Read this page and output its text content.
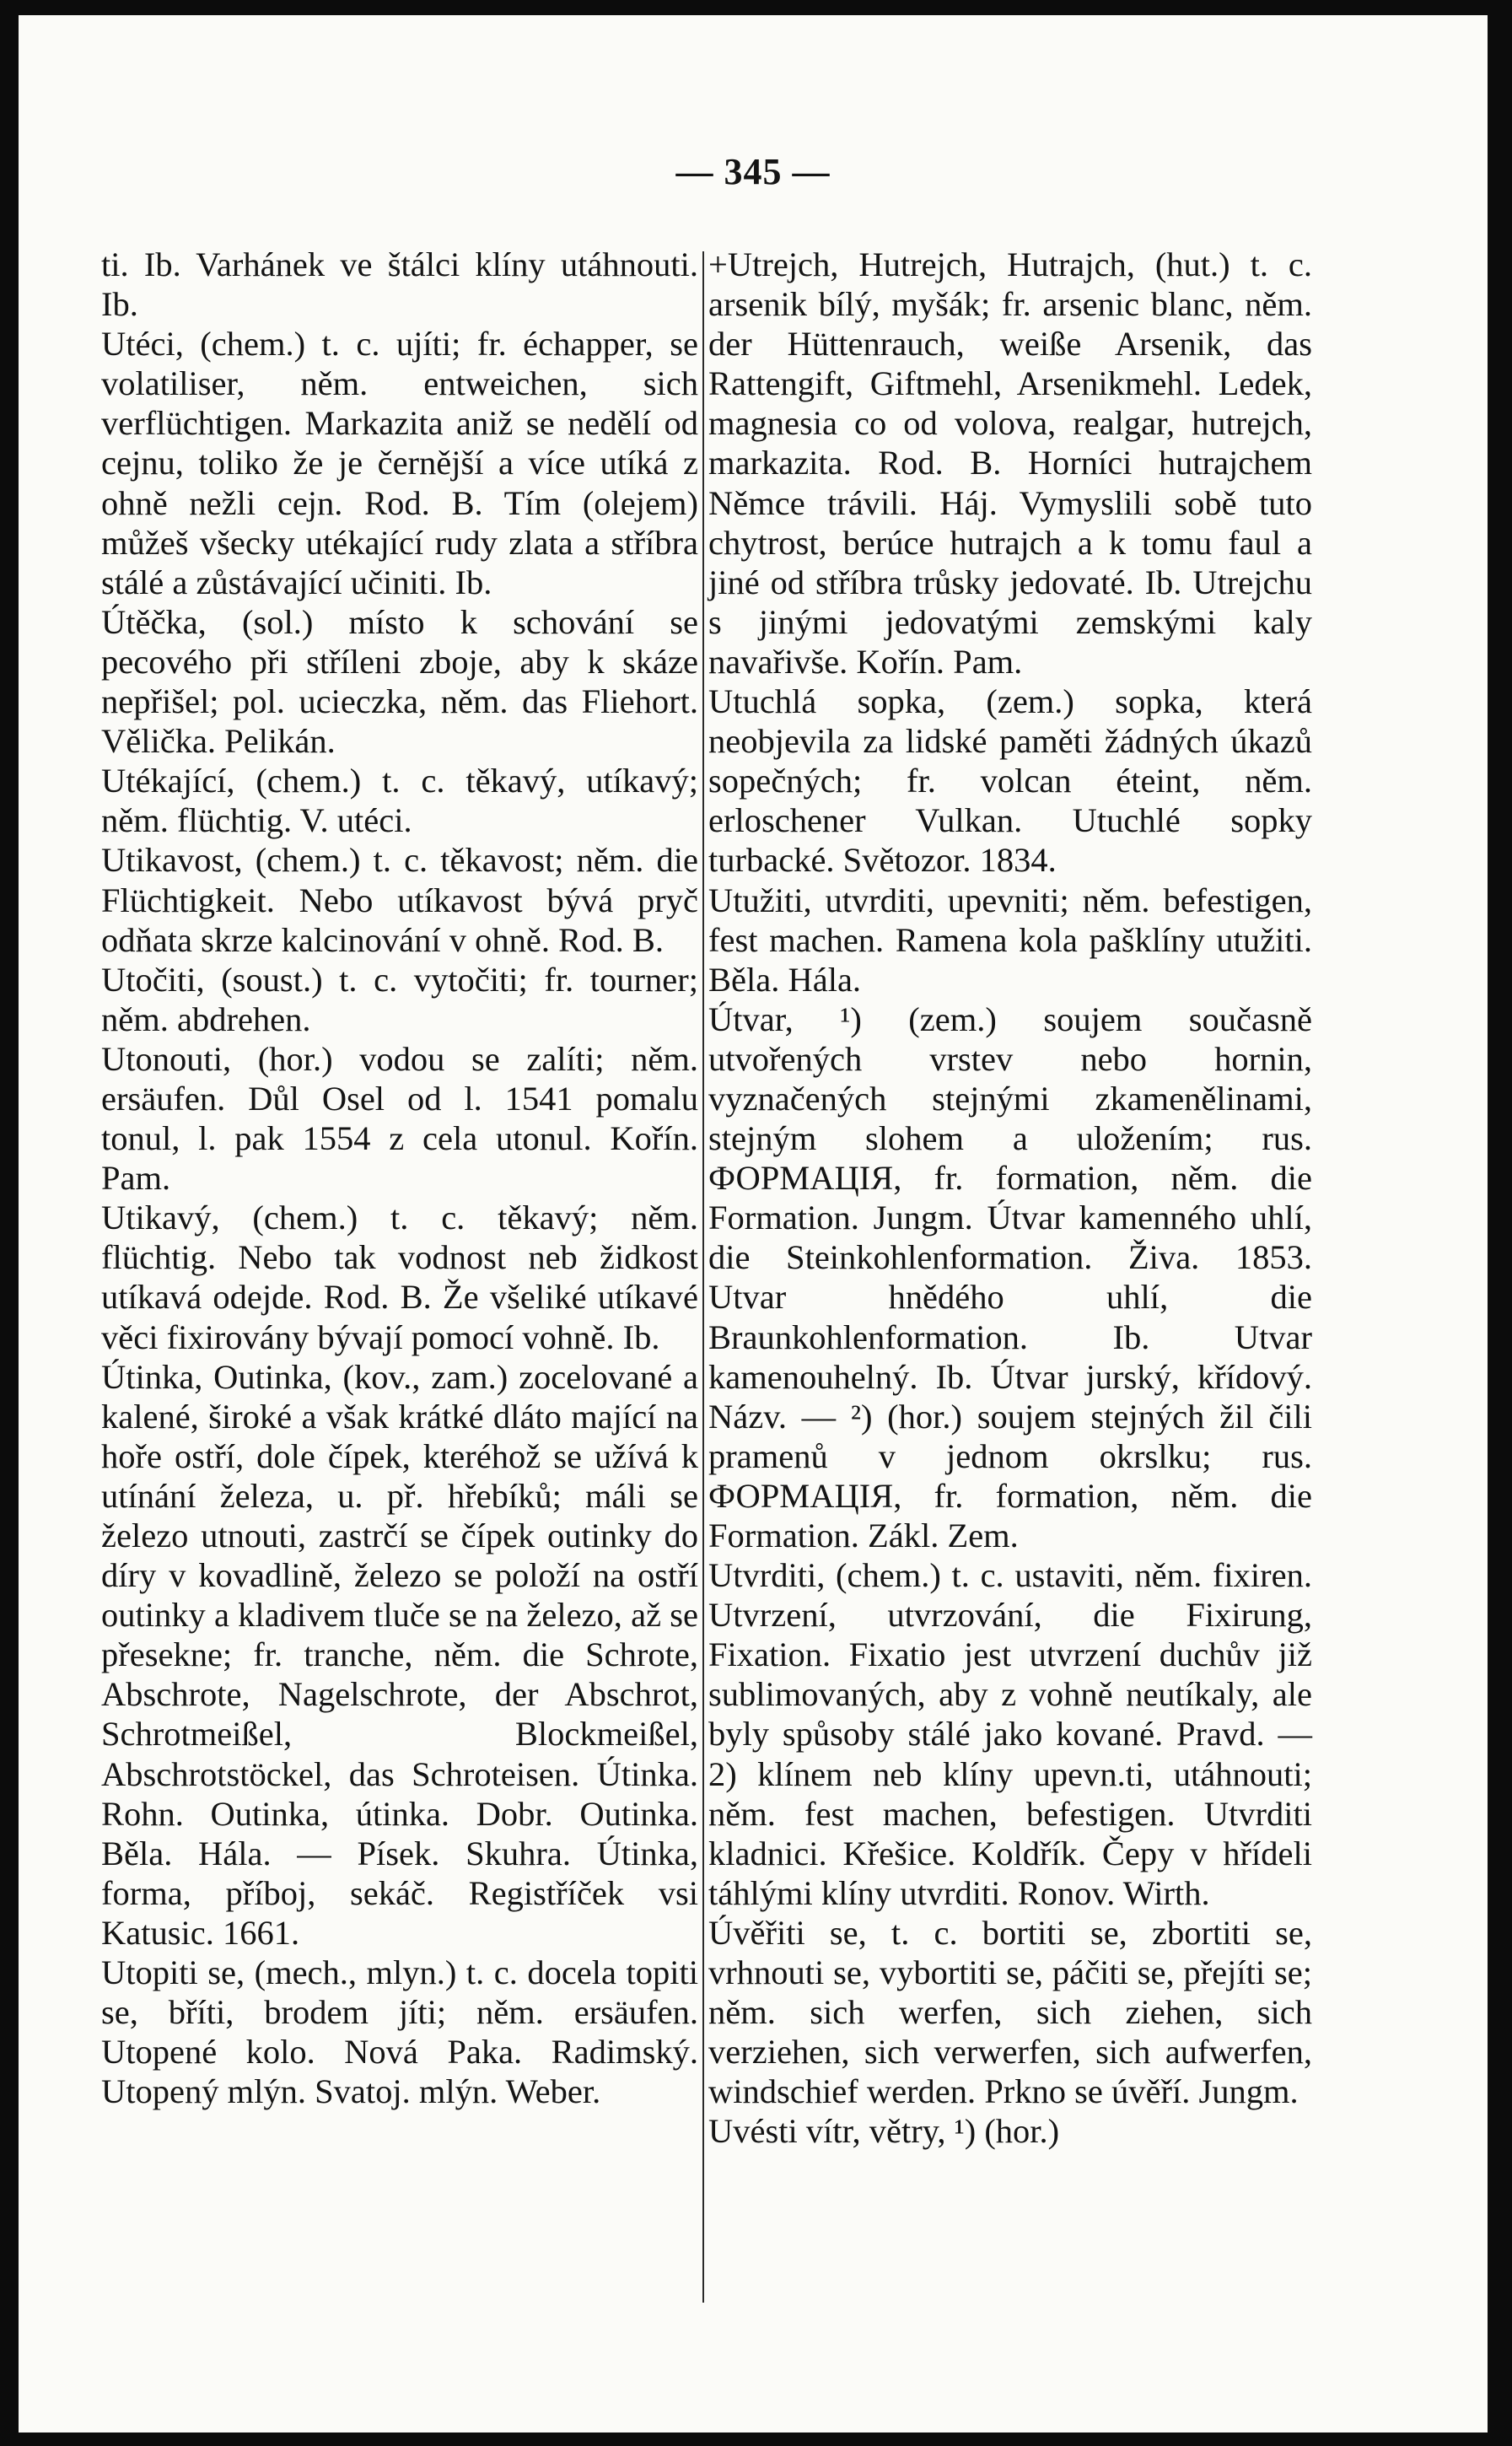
— 345 —

ti. Ib. Varhánek ve štálci klíny utáhnouti. Ib.

Utéci, (chem.) t. c. ujíti; fr. échapper, se volatiliser, něm. entweichen, sich verflüchtigen. Markazita aniž se nedělí od cejnu, toliko že je černější a více utíká z ohně nežli cejn. Rod. B. Tím (olejem) můžeš všecky utékající rudy zlata a stříbra stálé a zůstávající učiniti. Ib.

Útěčka, (sol.) místo k schování se pecového při stříleni zboje, aby k skáze nepřišel; pol. ucieczka, něm. das Fliehort. Vělička. Pelikán.

Utékající, (chem.) t. c. těkavý, utíkavý; něm. flüchtig. V. utéci.

Utikavost, (chem.) t. c. těkavost; něm. die Flüchtigkeit. Nebo utíkavost bývá pryč odňata skrze kalcinování v ohně. Rod. B.

Utočiti, (soust.) t. c. vytočiti; fr. tourner; něm. abdrehen.

Utonouti, (hor.) vodou se zalíti; něm. ersäufen. Důl Osel od l. 1541 pomalu tonul, l. pak 1554 z cela utonul. Kořín. Pam.

Utikavý, (chem.) t. c. těkavý; něm. flüchtig. Nebo tak vodnost neb židkost utíkavá odejde. Rod. B. Že všeliké utíkavé věci fixirovány bývají pomocí vohně. Ib.

Útinka, Outinka, (kov., zam.) zocelované a kalené, široké a však krátké dláto mající na hoře ostří, dole čípek, kteréhož se užívá k utínání železa, u. př. hřebíků; máli se železo utnouti, zastrčí se čípek outinky do díry v kovadlině, železo se položí na ostří outinky a kladivem tluče se na železo, až se přesekne; fr. tranche, něm. die Schrote, Abschrote, Nagelschrote, der Abschrot, Schrotmeißel, Blockmeißel, Abschrotstöckel, das Schroteisen. Útinka. Rohn. Outinka, útinka. Dobr. Outinka. Běla. Hála. — Písek. Skuhra. Útinka, forma, příboj, sekáč. Registříček vsi Katusic. 1661.

Utopiti se, (mech., mlyn.) t. c. docela topiti se, bříti, brodem jíti; něm. ersäufen. Utopené kolo. Nová Paka. Radimský. Utopený mlýn. Svatoj. mlýn. Weber.

+Utrejch, Hutrejch, Hutrajch, (hut.) t. c. arsenik bílý, myšák; fr. arsenic blanc, něm. der Hüttenrauch, weiße Arsenik, das Rattengift, Giftmehl, Arsenikmehl. Ledek, magnesia co od volova, realgar, hutrejch, markazita. Rod. B. Horníci hutrajchem Němce trávili. Háj. Vymyslili sobě tuto chytrost, berúce hutrajch a k tomu faul a jiné od stříbra trůsky jedovaté. Ib. Utrejchu s jinými jedovatými zemskými kaly navařivše. Kořín. Pam.

Utuchlá sopka, (zem.) sopka, která neobjevila za lidské paměti žádných úkazů sopečných; fr. volcan éteint, něm. erloschener Vulkan. Utuchlé sopky turbacké. Světozor. 1834.

Utužiti, utvrditi, upevniti; něm. befestigen, fest machen. Ramena kola pašklíny utužiti. Běla. Hála.

Útvar, ¹) (zem.) soujem současně utvořených vrstev nebo hornin, vyznačených stejnými zkamenělinami, stejným slohem a uložením; rus. ФОРМАЦІЯ, fr. formation, něm. die Formation. Jungm. Útvar kamenného uhlí, die Steinkohlenformation. Živa. 1853. Utvar hnědého uhlí, die Braunkohlenformation. Ib. Utvar kamenouhelný. Ib. Útvar jurský, křídový. Názv. — ²) (hor.) soujem stejných žil čili pramenů v jednom okrslku; rus. ФОРМАЦІЯ, fr. formation, něm. die Formation. Zákl. Zem.

Utvrditi, (chem.) t. c. ustaviti, něm. fixiren. Utvrzení, utvrzování, die Fixirung, Fixation. Fixatio jest utvrzení duchův již sublimovaných, aby z vohně neutíkaly, ale byly spůsoby stálé jako kované. Pravd. — 2) klínem neb klíny upevn.ti, utáhnouti; něm. fest machen, befestigen. Utvrditi kladnici. Křešice. Koldřík. Čepy v hřídeli táhlými klíny utvrditi. Ronov. Wirth.

Úvěřiti se, t. c. bortiti se, zbortiti se, vrhnouti se, vybortiti se, páčiti se, přejíti se; něm. sich werfen, sich ziehen, sich verziehen, sich verwerfen, sich aufwerfen, windschief werden. Prkno se úvěří. Jungm.

Uvésti vítr, větry, ¹) (hor.)
